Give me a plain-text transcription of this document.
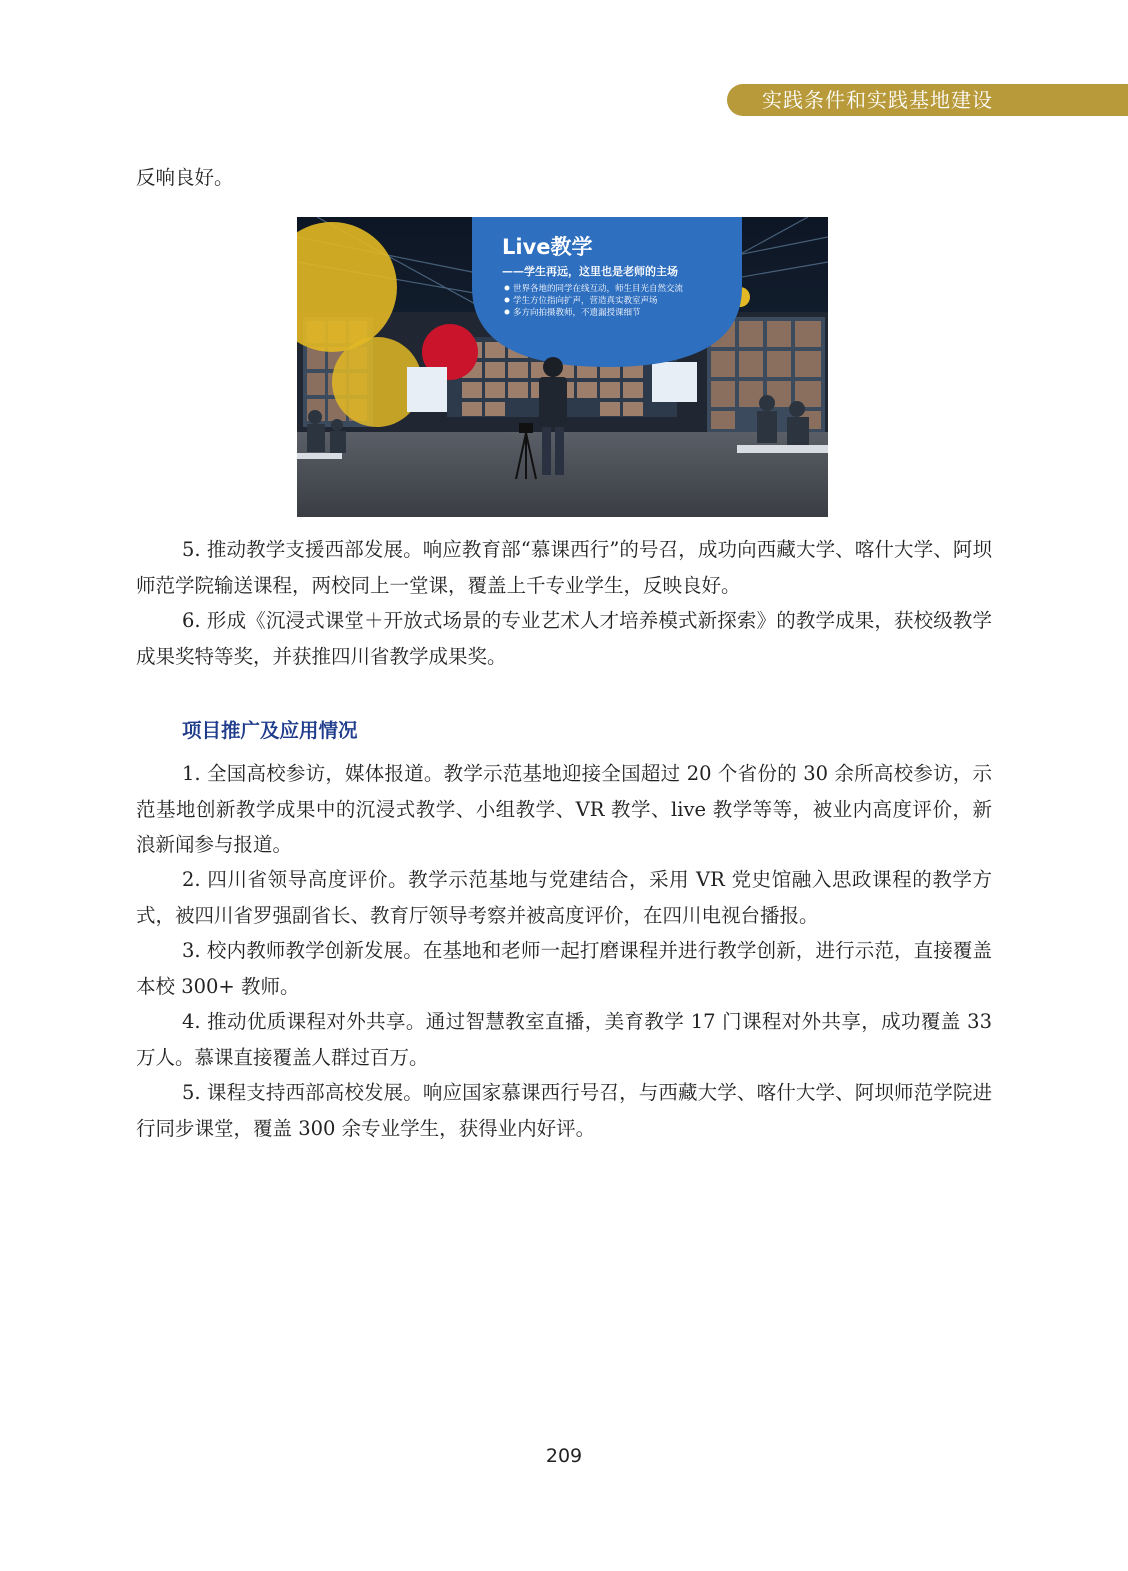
实践条件和实践基地建设

反响良好。

Live教学
——学生再远，这里也是老师的主场
世界各地的同学在线互动，师生目光自然交流
学生方位指向扩声，营造真实教室声场
多方向拍摄教师，不遗漏授课细节

5. 推动教学支援西部发展。响应教育部“慕课西行”的号召，成功向西藏大学、喀什大学、阿坝师范学院输送课程，两校同上一堂课，覆盖上千专业学生，反映良好。

6. 形成《沉浸式课堂＋开放式场景的专业艺术人才培养模式新探索》的教学成果，获校级教学成果奖特等奖，并获推四川省教学成果奖。

项目推广及应用情况

1. 全国高校参访，媒体报道。教学示范基地迎接全国超过 20 个省份的 30 余所高校参访，示范基地创新教学成果中的沉浸式教学、小组教学、VR 教学、live 教学等等，被业内高度评价，新浪新闻参与报道。

2. 四川省领导高度评价。教学示范基地与党建结合，采用 VR 党史馆融入思政课程的教学方式，被四川省罗强副省长、教育厅领导考察并被高度评价，在四川电视台播报。

3. 校内教师教学创新发展。在基地和老师一起打磨课程并进行教学创新，进行示范，直接覆盖本校 300+ 教师。

4. 推动优质课程对外共享。通过智慧教室直播，美育教学 17 门课程对外共享，成功覆盖 33 万人。慕课直接覆盖人群过百万。

5. 课程支持西部高校发展。响应国家慕课西行号召，与西藏大学、喀什大学、阿坝师范学院进行同步课堂，覆盖 300 余专业学生，获得业内好评。

209
